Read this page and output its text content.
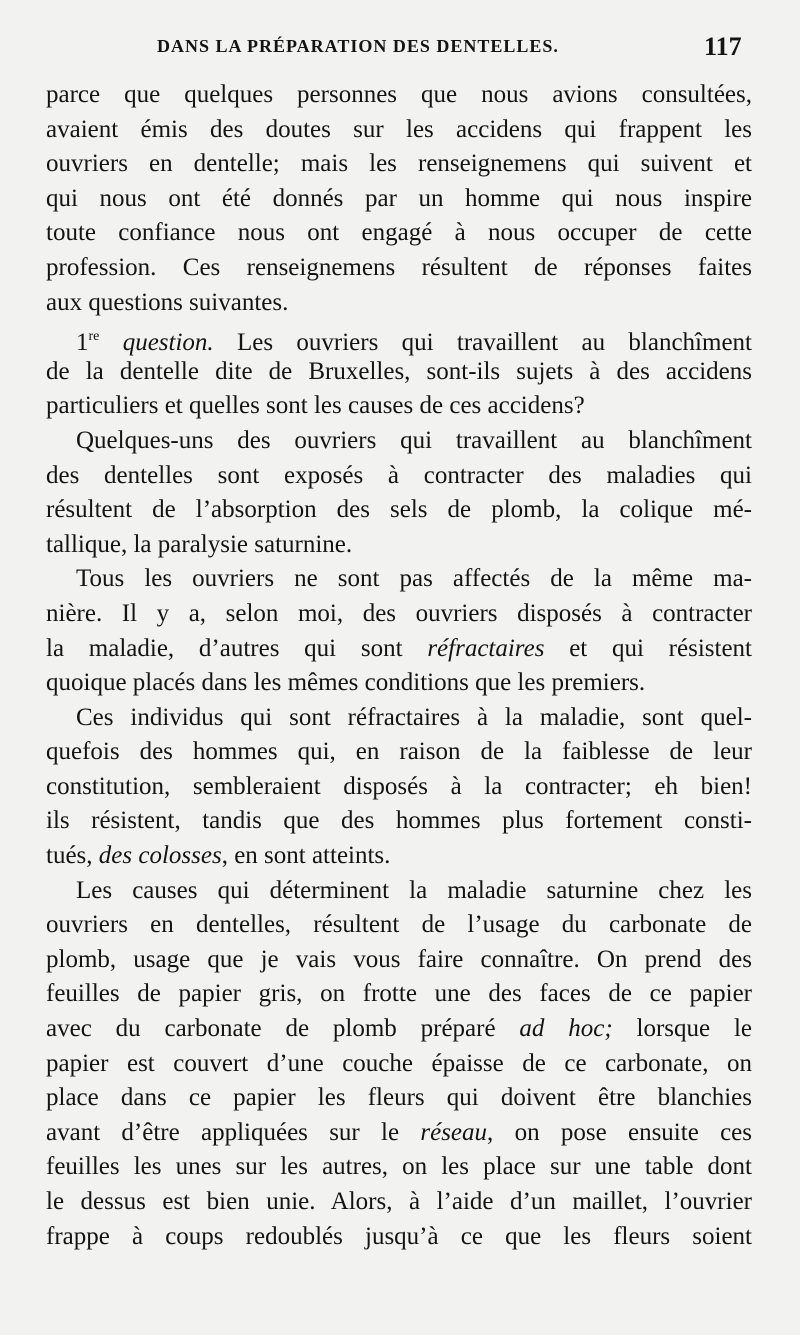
DANS LA PRÉPARATION DES DENTELLES.	117
parce que quelques personnes que nous avions consultées,
avaient émis des doutes sur les accidens qui frappent les
ouvriers en dentelle; mais les renseignemens qui suivent et
qui nous ont été donnés par un homme qui nous inspire
toute confiance nous ont engagé à nous occuper de cette
profession. Ces renseignemens résultent de réponses faites
aux questions suivantes.
1re question. Les ouvriers qui travaillent au blanchîment
de la dentelle dite de Bruxelles, sont-ils sujets à des accidens
particuliers et quelles sont les causes de ces accidens?
Quelques-uns des ouvriers qui travaillent au blanchîment
des dentelles sont exposés à contracter des maladies qui
résultent de l’absorption des sels de plomb, la colique mé-
tallique, la paralysie saturnine.
Tous les ouvriers ne sont pas affectés de la même ma-
nière. Il y a, selon moi, des ouvriers disposés à contracter
la maladie, d’autres qui sont réfractaires et qui résistent
quoique placés dans les mêmes conditions que les premiers.
Ces individus qui sont réfractaires à la maladie, sont quel-
quefois des hommes qui, en raison de la faiblesse de leur
constitution, sembleraient disposés à la contracter; eh bien!
ils résistent, tandis que des hommes plus fortement consti-
tués, des colosses, en sont atteints.
Les causes qui déterminent la maladie saturnine chez les
ouvriers en dentelles, résultent de l’usage du carbonate de
plomb, usage que je vais vous faire connaître. On prend des
feuilles de papier gris, on frotte une des faces de ce papier
avec du carbonate de plomb préparé ad hoc; lorsque le
papier est couvert d’une couche épaisse de ce carbonate, on
place dans ce papier les fleurs qui doivent être blanchies
avant d’être appliquées sur le réseau, on pose ensuite ces
feuilles les unes sur les autres, on les place sur une table dont
le dessus est bien unie. Alors, à l’aide d’un maillet, l’ouvrier
frappe à coups redoublés jusqu’à ce que les fleurs soient
